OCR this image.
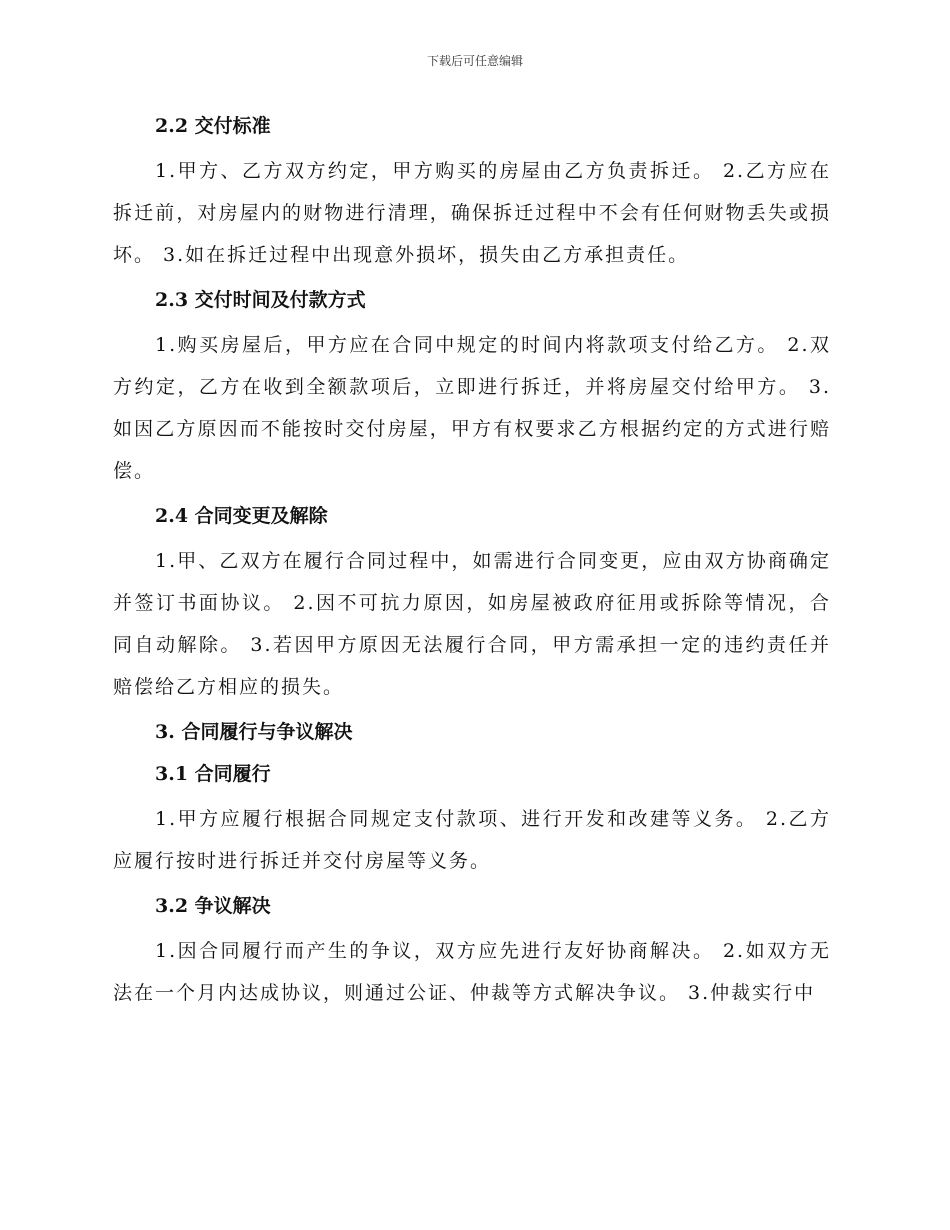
下载后可任意编辑
2.2 交付标准
1.甲方、乙方双方约定，甲方购买的房屋由乙方负责拆迁。 2.乙方应在拆迁前，对房屋内的财物进行清理，确保拆迁过程中不会有任何财物丢失或损坏。 3.如在拆迁过程中出现意外损坏，损失由乙方承担责任。
2.3 交付时间及付款方式
1.购买房屋后，甲方应在合同中规定的时间内将款项支付给乙方。 2.双方约定，乙方在收到全额款项后，立即进行拆迁，并将房屋交付给甲方。 3.如因乙方原因而不能按时交付房屋，甲方有权要求乙方根据约定的方式进行赔偿。
2.4 合同变更及解除
1.甲、乙双方在履行合同过程中，如需进行合同变更，应由双方协商确定并签订书面协议。 2.因不可抗力原因，如房屋被政府征用或拆除等情况，合同自动解除。 3.若因甲方原因无法履行合同，甲方需承担一定的违约责任并赔偿给乙方相应的损失。
3. 合同履行与争议解决
3.1 合同履行
1.甲方应履行根据合同规定支付款项、进行开发和改建等义务。 2.乙方应履行按时进行拆迁并交付房屋等义务。
3.2 争议解决
1.因合同履行而产生的争议，双方应先进行友好协商解决。 2.如双方无法在一个月内达成协议，则通过公证、仲裁等方式解决争议。 3.仲裁实行中
